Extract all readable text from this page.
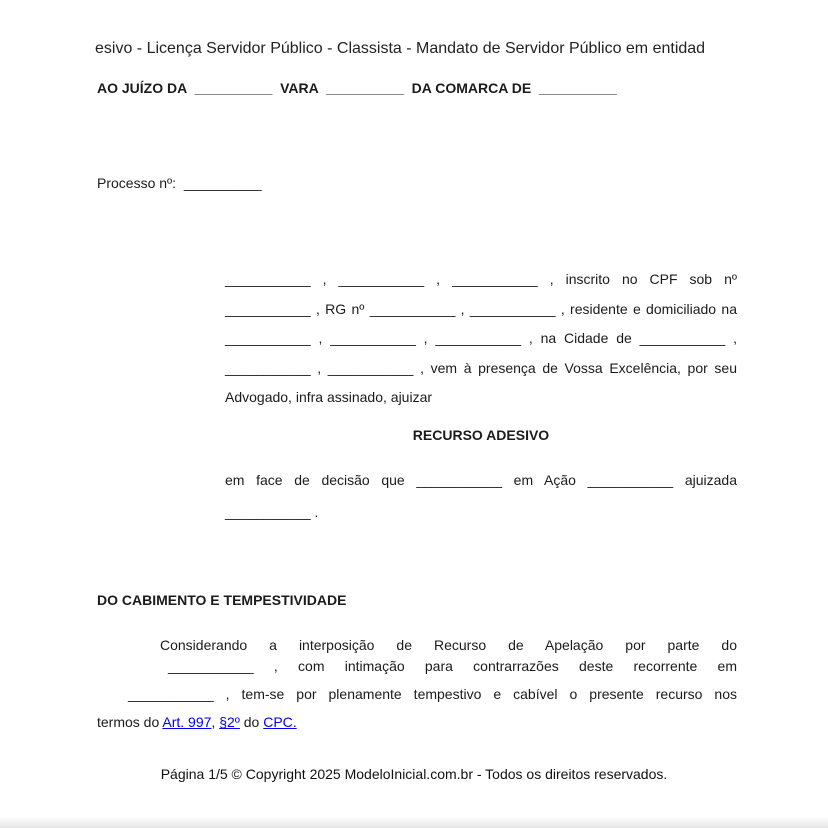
esivo - Licença Servidor Público - Classista - Mandato de Servidor Público em entidad
AO JUÍZO DA  __________  VARA  __________  DA COMARCA DE  __________
Processo nº:  __________
___________ , ___________ , ___________ , inscrito no CPF sob nº
___________ , RG nº ___________ , ___________ , residente e domiciliado na
___________ , ___________ , ___________ , na Cidade de ___________ ,
___________ , ___________ , vem à presença de Vossa Excelência, por seu
Advogado, infra assinado, ajuizar
RECURSO ADESIVO
em face de decisão que ___________ em Ação ___________ ajuizada
___________ .
DO CABIMENTO E TEMPESTIVIDADE
Considerando a interposição de Recurso de Apelação por parte do
___________ , com intimação para contrarrazões deste recorrente em
___________ , tem-se por plenamente tempestivo e cabível o presente recurso nos
termos do Art. 997, §2º do CPC.
Página 1/5 © Copyright 2025 ModeloInicial.com.br - Todos os direitos reservados.
